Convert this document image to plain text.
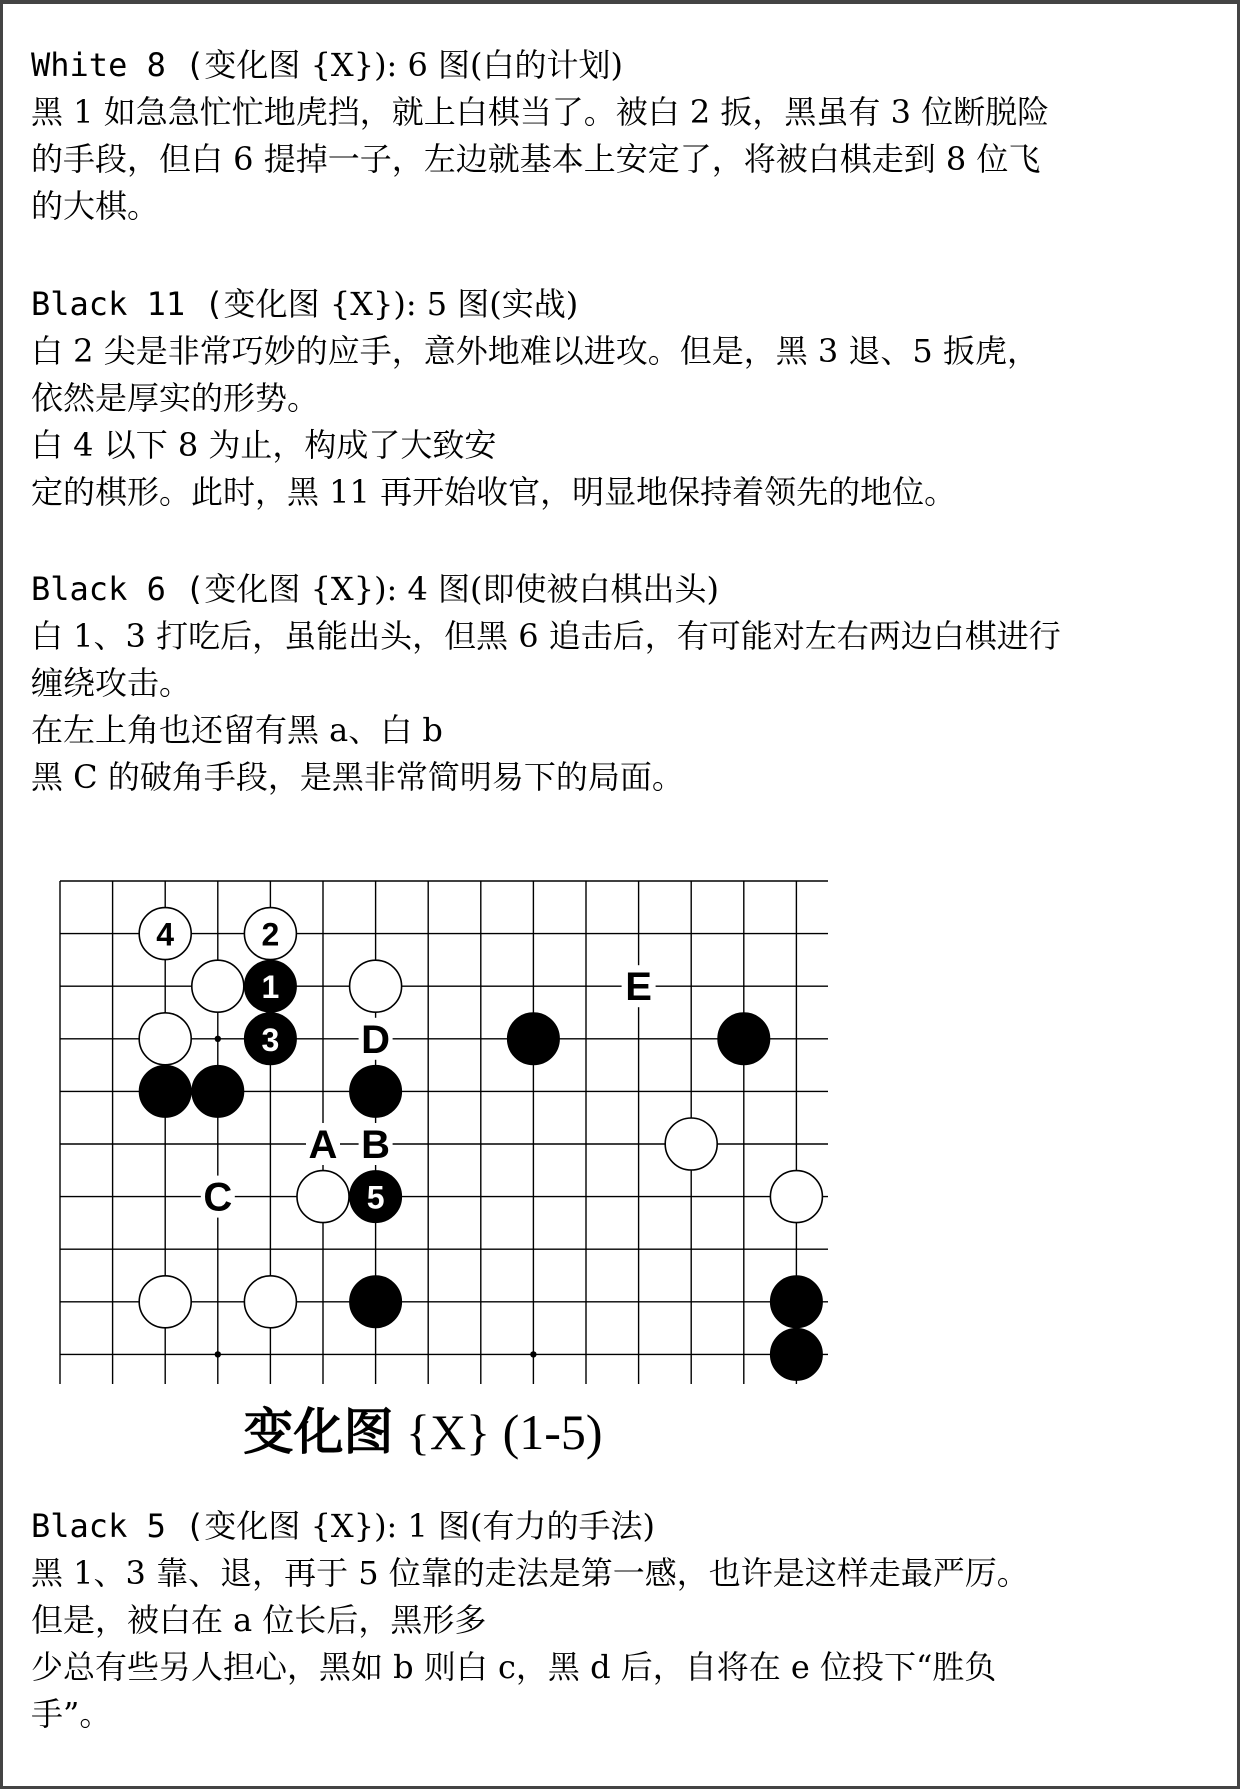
White 8 (变化图 {X}): 6 图(白的计划)
黑 1 如急急忙忙地虎挡，就上白棋当了。被白 2 扳，黑虽有 3 位断脱险
的手段，但白 6 提掉一子，左边就基本上安定了，将被白棋走到 8 位飞
的大棋。
Black 11 (变化图 {X}): 5 图(实战)
白 2 尖是非常巧妙的应手，意外地难以进攻。但是，黑 3 退、5 扳虎，
依然是厚实的形势。
白 4 以下 8 为止，构成了大致安
定的棋形。此时，黑 11 再开始收官，明显地保持着领先的地位。
Black 6 (变化图 {X}): 4 图(即使被白棋出头)
白 1、3 打吃后，虽能出头，但黑 6 追击后，有可能对左右两边白棋进行
缠绕攻击。
在左上角也还留有黑 a、白 b
黑 C 的破角手段，是黑非常简明易下的局面。
4	2
1
3
5
E
D
A B
C
变化图 {X} (1-5)
Black 5 (变化图 {X}): 1 图(有力的手法)
黑 1、3 靠、退，再于 5 位靠的走法是第一感，也许是这样走最严厉。
但是，被白在 a 位长后，黑形多
少总有些另人担心，黑如 b 则白 c，黑 d 后，自将在 e 位投下“胜负
手”。
